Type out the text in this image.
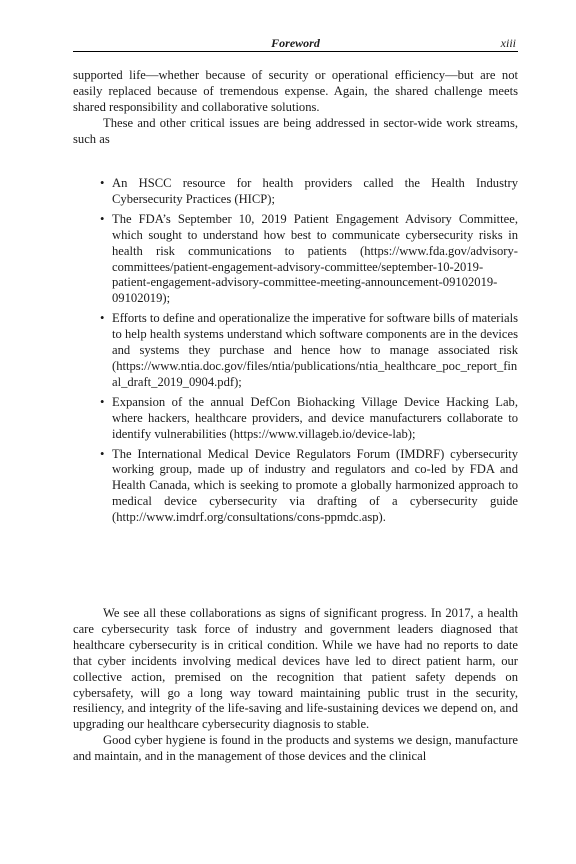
Foreword	xiii

supported life—whether because of security or operational efficiency—but are not easily replaced because of tremendous expense. Again, the shared challenge meets shared responsibility and collaborative solutions.

These and other critical issues are being addressed in sector-wide work streams, such as

• An HSCC resource for health providers called the Health Industry Cybersecurity Practices (HICP);
• The FDA’s September 10, 2019 Patient Engagement Advisory Committee, which sought to understand how best to communicate cybersecurity risks in health risk communications to patients (https://www.fda.gov/advisory-committees/patient-engagement-advisory-committee/september-10-2019-patient-engagement-advisory-committee-meeting-announcement-09102019-09102019);
• Efforts to define and operationalize the imperative for software bills of materials to help health systems understand which software components are in the devices and systems they purchase and hence how to manage associated risk (https://www.ntia.doc.gov/files/ntia/publications/ntia_healthcare_poc_report_final_draft_2019_0904.pdf);
• Expansion of the annual DefCon Biohacking Village Device Hacking Lab, where hackers, healthcare providers, and device manufacturers collaborate to identify vulnerabilities (https://www.villageb.io/device-lab);
• The International Medical Device Regulators Forum (IMDRF) cybersecurity working group, made up of industry and regulators and co-led by FDA and Health Canada, which is seeking to promote a globally harmonized approach to medical device cybersecurity via drafting of a cybersecurity guide (http://www.imdrf.org/consultations/cons-ppmdc.asp).

We see all these collaborations as signs of significant progress. In 2017, a health care cybersecurity task force of industry and government leaders diagnosed that healthcare cybersecurity is in critical condition. While we have had no reports to date that cyber incidents involving medical devices have led to direct patient harm, our collective action, premised on the recognition that patient safety depends on cybersafety, will go a long way toward maintaining public trust in the security, resiliency, and integrity of the life-saving and life-sustaining devices we depend on, and upgrading our healthcare cybersecurity diagnosis to stable.

Good cyber hygiene is found in the products and systems we design, manufacture and maintain, and in the management of those devices and the clinical
